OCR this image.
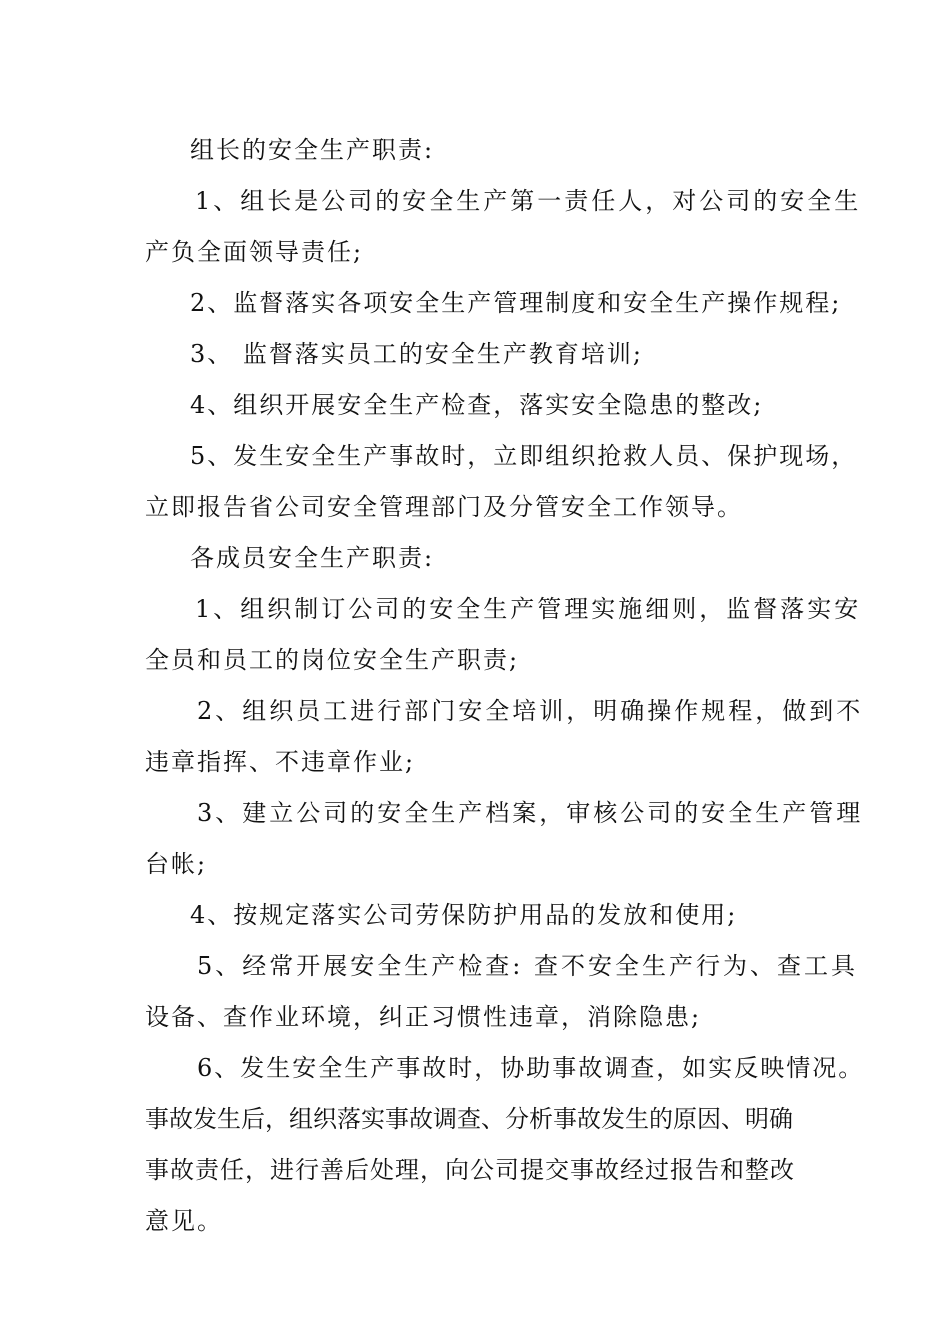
组长的安全生产职责:
1、组长是公司的安全生产第一责任人，对公司的安全生
产负全面领导责任;
2、监督落实各项安全生产管理制度和安全生产操作规程;
3、 监督落实员工的安全生产教育培训;
4、组织开展安全生产检查，落实安全隐患的整改;
5、发生安全生产事故时，立即组织抢救人员、保护现场，
立即报告省公司安全管理部门及分管安全工作领导。
各成员安全生产职责:
1、组织制订公司的安全生产管理实施细则，监督落实安
全员和员工的岗位安全生产职责;
2、组织员工进行部门安全培训，明确操作规程，做到不
违章指挥、不违章作业;
3、建立公司的安全生产档案，审核公司的安全生产管理
台帐;
4、按规定落实公司劳保防护用品的发放和使用;
5、经常开展安全生产检查: 查不安全生产行为、查工具
设备、查作业环境，纠正习惯性违章，消除隐患;
6、发生安全生产事故时，协助事故调查，如实反映情况。
事故发生后，组织落实事故调查、分析事故发生的原因、明确
事故责任，进行善后处理，向公司提交事故经过报告和整改
意见。
